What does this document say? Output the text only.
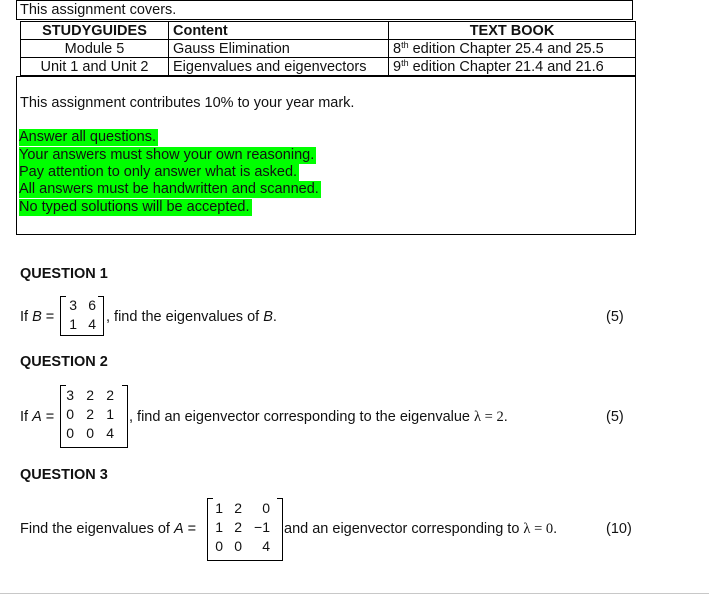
This assignment covers.
STUDYGUIDES	Content	TEXT BOOK
Module 5	Gauss Elimination	8th edition Chapter 25.4 and 25.5
Unit 1 and Unit 2	Eigenvalues and eigenvectors	9th edition Chapter 21.4 and 21.6
This assignment contributes 10% to your year mark.
Answer all questions.
Your answers must show your own reasoning.
Pay attention to only answer what is asked.
All answers must be handwritten and scanned.
No typed solutions will be accepted.
QUESTION 1
If B =
3 6
1 4 , find the eigenvalues of B.	(5)
QUESTION 2
If A =
3 2 2
0 2 1
0 0 4
, find an eigenvector corresponding to the eigenvalue λ = 2.	(5)
QUESTION 3
Find the eigenvalues of A =
1 2	0
1 2 −1
0 0	4
and an eigenvector corresponding to λ = 0.	(10)
